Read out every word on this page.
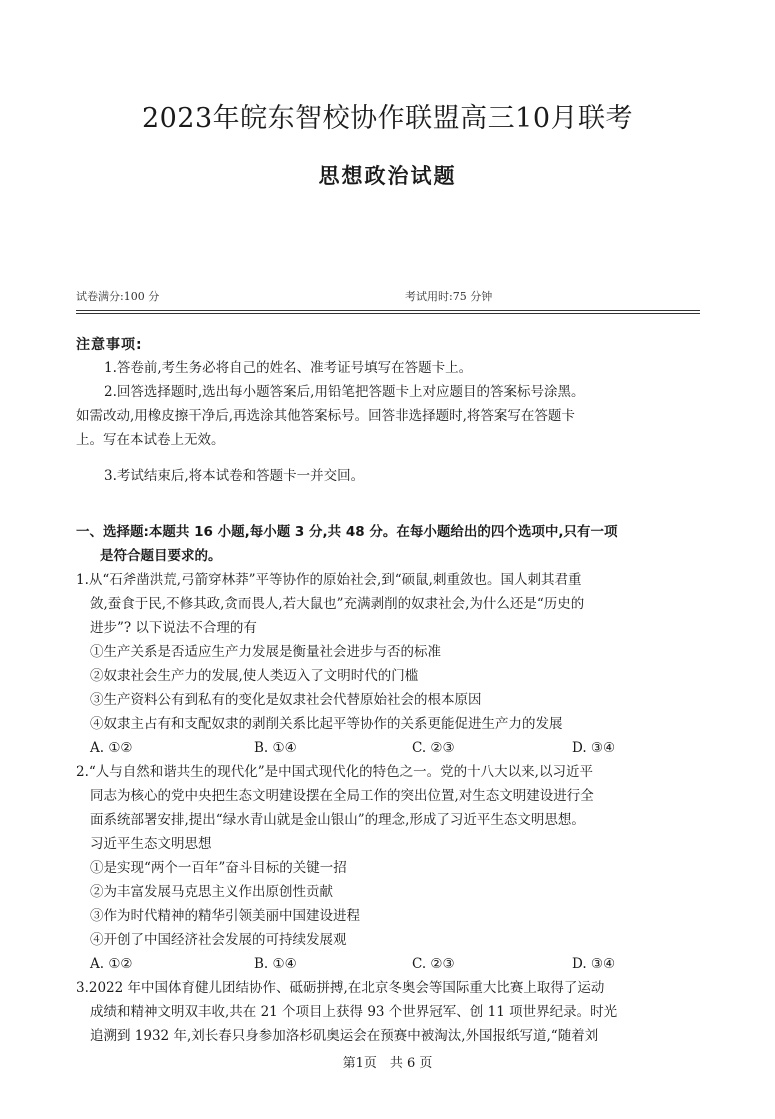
2023年皖东智校协作联盟高三10月联考
思想政治试题
试卷满分:100 分	考试用时:75 分钟
注意事项:
1.答卷前,考生务必将自己的姓名、准考证号填写在答题卡上。
2.回答选择题时,选出每小题答案后,用铅笔把答题卡上对应题目的答案标号涂黑。
如需改动,用橡皮擦干净后,再选涂其他答案标号。回答非选择题时,将答案写在答题卡
上。写在本试卷上无效。
3.考试结束后,将本试卷和答题卡一并交回。
一、选择题:本题共 16 小题,每小题 3 分,共 48 分。在每小题给出的四个选项中,只有一项
是符合题目要求的。
1.从“石斧凿洪荒,弓箭穿林莽”平等协作的原始社会,到“硕鼠,刺重敛也。国人刺其君重
敛,蚕食于民,不修其政,贪而畏人,若大鼠也”充满剥削的奴隶社会,为什么还是“历史的
进步”? 以下说法不合理的有
①生产关系是否适应生产力发展是衡量社会进步与否的标准
②奴隶社会生产力的发展,使人类迈入了文明时代的门槛
③生产资料公有到私有的变化是奴隶社会代替原始社会的根本原因
④奴隶主占有和支配奴隶的剥削关系比起平等协作的关系更能促进生产力的发展
A. ①②	B. ①④	C. ②③	D. ③④
2.“人与自然和谐共生的现代化”是中国式现代化的特色之一。党的十八大以来,以习近平
同志为核心的党中央把生态文明建设摆在全局工作的突出位置,对生态文明建设进行全
面系统部署安排,提出“绿水青山就是金山银山”的理念,形成了习近平生态文明思想。
习近平生态文明思想
①是实现“两个一百年”奋斗目标的关键一招
②为丰富发展马克思主义作出原创性贡献
③作为时代精神的精华引领美丽中国建设进程
④开创了中国经济社会发展的可持续发展观
A. ①②	B. ①④	C. ②③	D. ③④
3.2022 年中国体育健儿团结协作、砥砺拼搏,在北京冬奥会等国际重大比赛上取得了运动
成绩和精神文明双丰收,共在 21 个项目上获得 93 个世界冠军、创 11 项世界纪录。时光
追溯到 1932 年,刘长春只身参加洛杉矶奥运会在预赛中被淘汰,外国报纸写道,“随着刘
第1页　共 6 页
